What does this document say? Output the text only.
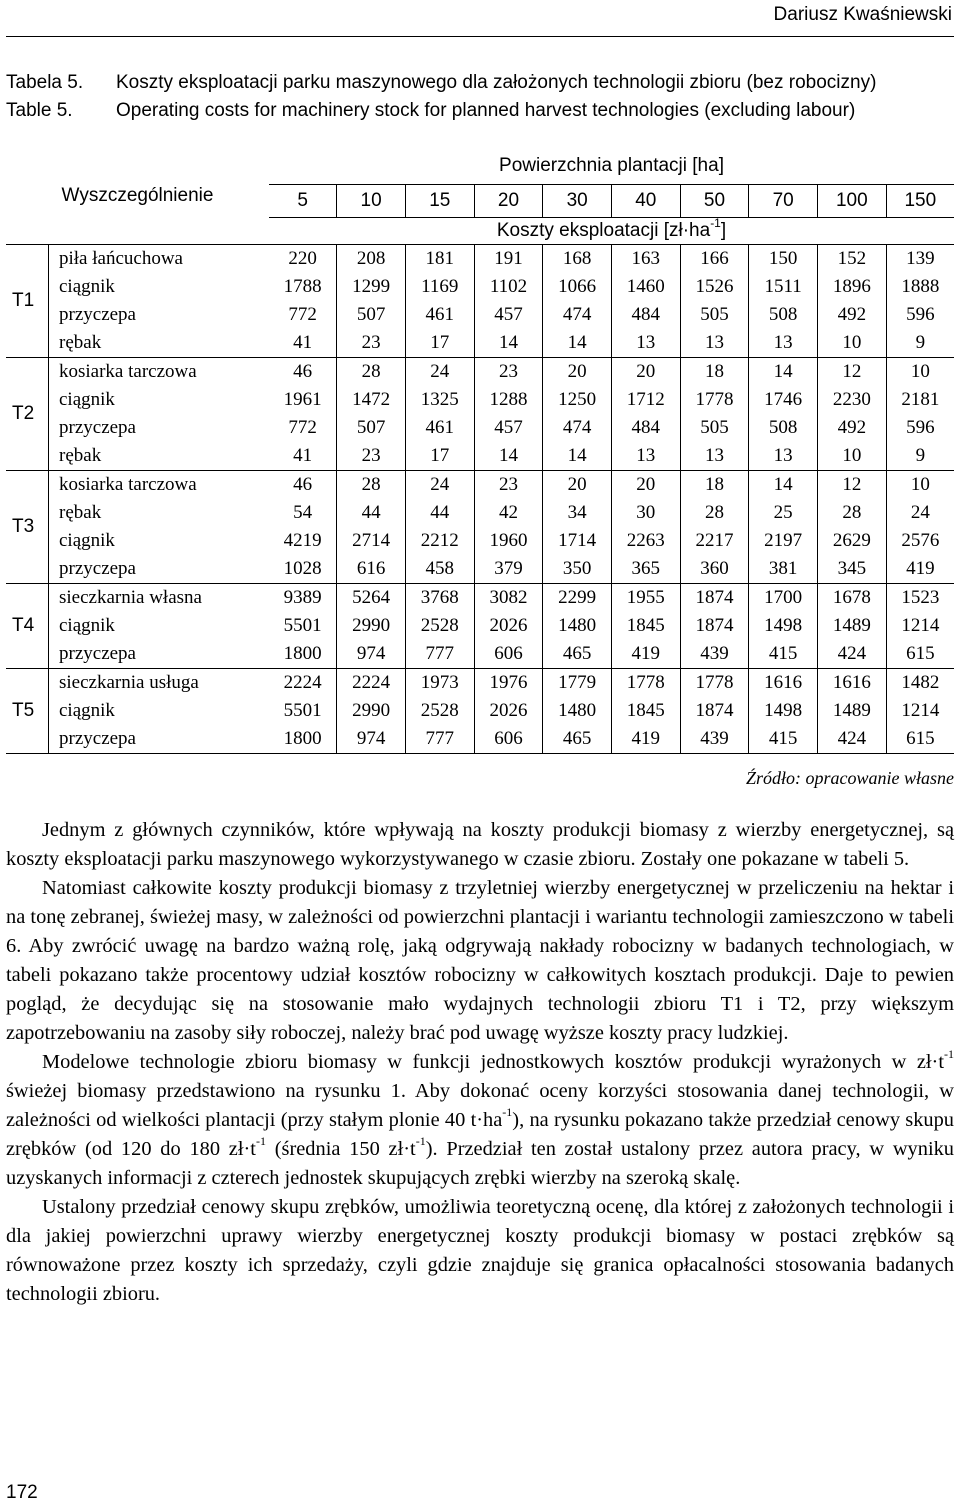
Dariusz Kwaśniewski
Tabela 5. Koszty eksploatacji parku maszynowego dla założonych technologii zbioru (bez robocizny)
Table 5. Operating costs for machinery stock for planned harvest technologies (excluding labour)
Wyszczególnienie		Powierzchnia plantacji [ha]									
		5	10	15	20	30	40	50	70	100	150
		Koszty eksploatacji $[zł\cdot ha^{-1}]$									
T1	piła łańcuchowa	220	208	181	191	168	163	166	150	152	139
	ciągnik	1788	1299	1169	1102	1066	1460	1526	1511	1896	1888
	przyczepa	772	507	461	457	474	484	505	508	492	596
	rębak	41	23	17	14	14	13	13	13	10	9
T2	kosiarka tarczowa	46	28	24	23	20	20	18	14	12	10
	ciągnik	1961	1472	1325	1288	1250	1712	1778	1746	2230	2181
	przyczepa	772	507	461	457	474	484	505	508	492	596
	rębak	41	23	17	14	14	13	13	13	10	9
T3	kosiarka tarczowa	46	28	24	23	20	20	18	14	12	10
	rębak	54	44	44	42	34	30	28	25	28	24
	ciągnik	4219	2714	2212	1960	1714	2263	2217	2197	2629	2576
	przyczepa	1028	616	458	379	350	365	360	381	345	419
T4	sieczkarnia własna	9389	5264	3768	3082	2299	1955	1874	1700	1678	1523
	ciągnik	5501	2990	2528	2026	1480	1845	1874	1498	1489	1214
	przyczepa	1800	974	777	606	465	419	439	415	424	615
T5	sieczkarnia usługa	2224	2224	1973	1976	1779	1778	1778	1616	1616	1482
	ciągnik	5501	2990	2528	2026	1480	1845	1874	1498	1489	1214
	przyczepa	1800	974	777	606	465	419	439	415	424	615
Źródło: opracowanie własne

Jednym z głównych czynników, które wpływają na koszty produkcji biomasy z wierzby energetycznej, są koszty eksploatacji parku maszynowego wykorzystywanego w czasie zbioru. Zostały one pokazane w tabeli 5.

Natomiast całkowite koszty produkcji biomasy z trzyletniej wierzby energetycznej w przeliczeniu na hektar i na tonę zebranej, świeżej masy, w zależności od powierzchni plantacji i wariantu technologii zamieszczono w tabeli 6. Aby zwrócić uwagę na bardzo ważną rolę, jaką odgrywają nakłady robocizny w badanych technologiach, w tabeli pokazano także procentowy udział kosztów robocizny w całkowitych kosztach produkcji. Daje to pewien pogląd, że decydując się na stosowanie mało wydajnych technologii zbioru T1 i T2, przy większym zapotrzebowaniu na zasoby siły roboczej, należy brać pod uwagę wyższe koszty pracy ludzkiej.

Modelowe technologie zbioru biomasy w funkcji jednostkowych kosztów produkcji wyrażonych w $zł\cdot t^{-1}$ świeżej biomasy przedstawiono na rysunku 1. Aby dokonać oceny korzyści stosowania danej technologii, w zależności od wielkości plantacji (przy stałym plonie 40 $t\cdot ha^{-1}$), na rysunku pokazano także przedział cenowy skupu zrębków (od 120 do 180 $zł\cdot t^{-1}$ (średnia 150 $zł\cdot t^{-1}$). Przedział ten został ustalony przez autora pracy, w wyniku uzyskanych informacji z czterech jednostek skupujących zrębki wierzby na szeroką skalę.

Ustalony przedział cenowy skupu zrębków, umożliwia teoretyczną ocenę, dla której z założonych technologii i dla jakiej powierzchni uprawy wierzby energetycznej koszty produkcji biomasy w postaci zrębków są równoważone przez koszty ich sprzedaży, czyli gdzie znajduje się granica opłacalności stosowania badanych technologii zbioru.

172
